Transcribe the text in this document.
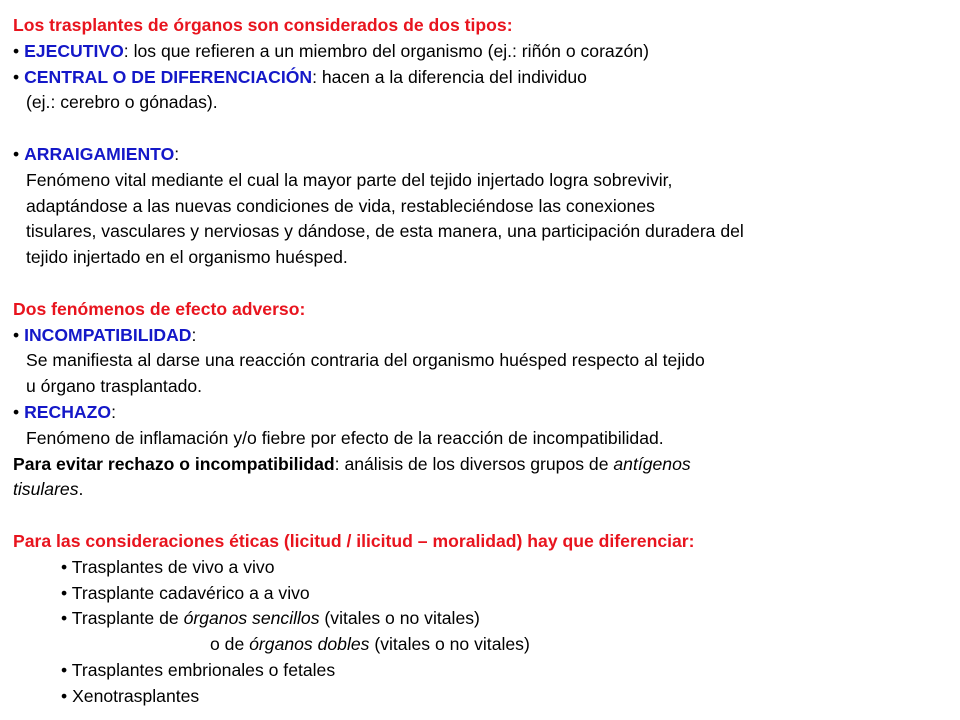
Los trasplantes de órganos son considerados de dos tipos:
• EJECUTIVO: los que refieren a un miembro del organismo (ej.: riñón o corazón)
• CENTRAL O DE DIFERENCIACIÓN: hacen a la diferencia del individuo
(ej.: cerebro o gónadas).
• ARRAIGAMIENTO:
Fenómeno vital mediante el cual la mayor parte del tejido injertado logra sobrevivir,
adaptándose a las nuevas condiciones de vida, restableciéndose las conexiones
tisulares, vasculares y nerviosas y dándose, de esta manera, una participación duradera del
tejido injertado en el organismo huésped.
Dos fenómenos de efecto adverso:
• INCOMPATIBILIDAD:
Se manifiesta al darse una reacción contraria del organismo huésped respecto al tejido
u órgano trasplantado.
• RECHAZO:
Fenómeno de inflamación y/o fiebre por efecto de la reacción de incompatibilidad.
Para evitar rechazo o incompatibilidad: análisis de los diversos grupos de antígenos
tisulares.
Para las consideraciones éticas (licitud / ilicitud – moralidad) hay que diferenciar:
• Trasplantes de vivo a vivo
• Trasplante cadavérico a a vivo
• Trasplante de órganos sencillos (vitales o no vitales)
o de órganos dobles (vitales o no vitales)
• Trasplantes embrionales o fetales
• Xenotrasplantes
